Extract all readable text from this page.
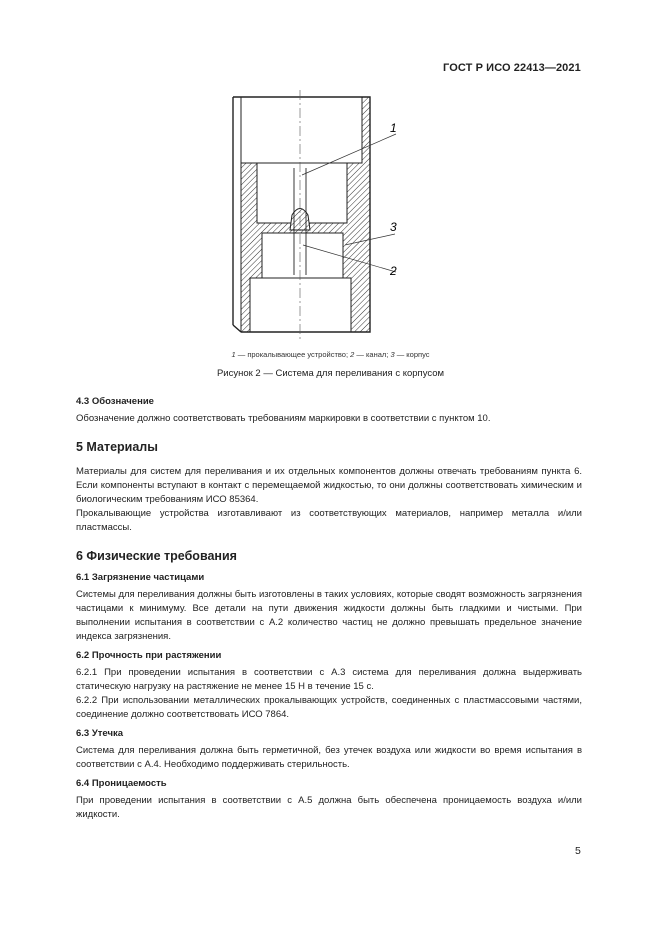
ГОСТ Р ИСО 22413—2021
1
3
2
1 — прокалывающее устройство; 2 — канал; 3 — корпус
Рисунок 2 — Система для переливания с корпусом
4.3 Обозначение

Обозначение должно соответствовать требованиям маркировки в соответствии с пунктом 10.

5 Материалы

Материалы для систем для переливания и их отдельных компонентов должны отвечать требованиям пункта 6. Если компоненты вступают в контакт с перемещаемой жидкостью, то они должны соответствовать химическим и биологическим требованиям ИСО 85364.

Прокалывающие устройства изготавливают из соответствующих материалов, например металла и/или пластмассы.

6 Физические требования
6.1 Загрязнение частицами

Системы для переливания должны быть изготовлены в таких условиях, которые сводят возможность загрязнения частицами к минимуму. Все детали на пути движения жидкости должны быть гладкими и чистыми. При выполнении испытания в соответствии с А.2 количество частиц не должно превышать предельное значение индекса загрязнения.

6.2 Прочность при растяжении

6.2.1 При проведении испытания в соответствии с А.3 система для переливания должна выдерживать статическую нагрузку на растяжение не менее 15 Н в течение 15 с.

6.2.2 При использовании металлических прокалывающих устройств, соединенных с пластмассовыми частями, соединение должно соответствовать ИСО 7864.

6.3 Утечка

Система для переливания должна быть герметичной, без утечек воздуха или жидкости во время испытания в соответствии с А.4. Необходимо поддерживать стерильность.

6.4 Проницаемость

При проведении испытания в соответствии с А.5 должна быть обеспечена проницаемость воздуха и/или жидкости.

5
